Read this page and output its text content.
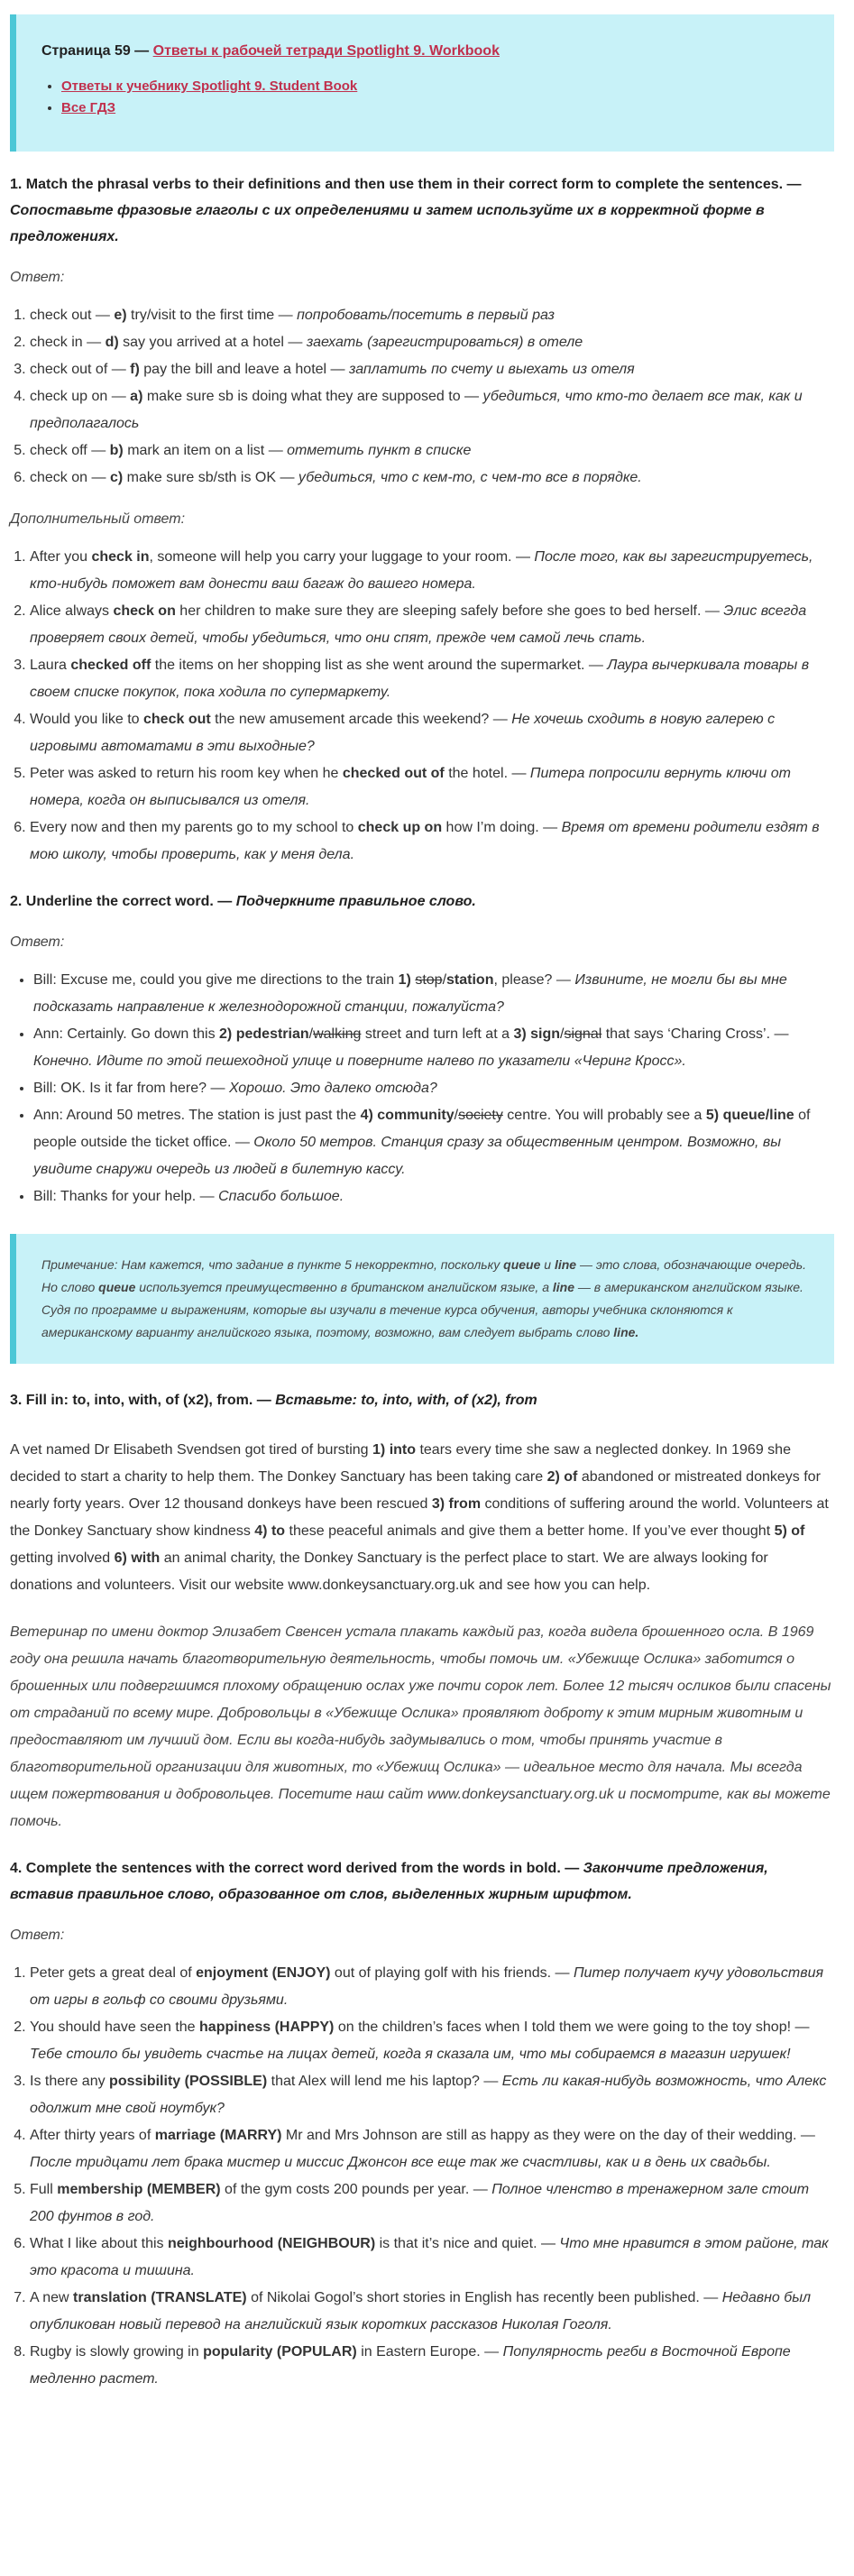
Страница 59 — Ответы к рабочей тетради Spotlight 9. Workbook
• Ответы к учебнику Spotlight 9. Student Book
• Все ГДЗ
1. Match the phrasal verbs to their definitions and then use them in their correct form to complete the sentences. — Сопоставьте фразовые глаголы с их определениями и затем используйте их в корректной форме в предложениях.
Ответ:
1. check out — e) try/visit to the first time — попробовать/посетить в первый раз
2. check in — d) say you arrived at a hotel — заехать (зарегистрироваться) в отеле
3. check out of — f) pay the bill and leave a hotel — заплатить по счету и выехать из отеля
4. check up on — a) make sure sb is doing what they are supposed to — убедиться, что кто-то делает все так, как и предполагалось
5. check off — b) mark an item on a list — отметить пункт в списке
6. check on — c) make sure sb/sth is OK — убедиться, что с кем-то, с чем-то все в порядке.
Дополнительный ответ:
1. After you check in, someone will help you carry your luggage to your room. — После того, как вы зарегистрируетесь, кто-нибудь поможет вам донести ваш багаж до вашего номера.
2. Alice always check on her children to make sure they are sleeping safely before she goes to bed herself. — Элис всегда проверяет своих детей, чтобы убедиться, что они спят, прежде чем самой лечь спать.
3. Laura checked off the items on her shopping list as she went around the supermarket. — Лаура вычеркивала товары в своем списке покупок, пока ходила по супермаркету.
4. Would you like to check out the new amusement arcade this weekend? — Не хочешь сходить в новую галерею с игровыми автоматами в эти выходные?
5. Peter was asked to return his room key when he checked out of the hotel. — Питера попросили вернуть ключи от номера, когда он выписывался из отеля.
6. Every now and then my parents go to my school to check up on how I’m doing. — Время от времени родители ездят в мою школу, чтобы проверить, как у меня дела.
2. Underline the correct word. — Подчеркните правильное слово.
Ответ:
• Bill: Excuse me, could you give me directions to the train 1) stop/station, please? — Извините, не могли бы вы мне подсказать направление к железнодорожной станции, пожалуйста?
• Ann: Certainly. Go down this 2) pedestrian/walking street and turn left at a 3) sign/signal that says ‘Charing Cross’. — Конечно. Идите по этой пешеходной улице и поверните налево по указатели «Черинг Кросс».
• Bill: OK. Is it far from here? — Хорошо. Это далеко отсюда?
• Ann: Around 50 metres. The station is just past the 4) community/society centre. You will probably see a 5) queue/line of people outside the ticket office. — Около 50 метров. Станция сразу за общественным центром. Возможно, вы увидите снаружи очередь из людей в билетную кассу.
• Bill: Thanks for your help. — Спасибо большое.
Примечание: Нам кажется, что задание в пункте 5 некорректно, поскольку queue и line — это слова, обозначающие очередь. Но слово queue используется преимущественно в британском английском языке, а line — в американском английском языке. Судя по программе и выражениям, которые вы изучали в течение курса обучения, авторы учебника склоняются к американскому варианту английского языка, поэтому, возможно, вам следует выбрать слово line.
3. Fill in: to, into, with, of (x2), from. — Вставьте: to, into, with, of (x2), from

A vet named Dr Elisabeth Svendsen got tired of bursting 1) into tears every time she saw a neglected donkey. In 1969 she decided to start a charity to help them. The Donkey Sanctuary has been taking care 2) of abandoned or mistreated donkeys for nearly forty years. Over 12 thousand donkeys have been rescued 3) from conditions of suffering around the world. Volunteers at the Donkey Sanctuary show kindness 4) to these peaceful animals and give them a better home. If you’ve ever thought 5) of getting involved 6) with an animal charity, the Donkey Sanctuary is the perfect place to start. We are always looking for donations and volunteers. Visit our website www.donkeysanctuary.org.uk and see how you can help.

Ветеринар по имени доктор Элизабет Свенсен устала плакать каждый раз, когда видела брошенного осла. В 1969 году она решила начать благотворительную деятельность, чтобы помочь им. «Убежище Ослика» заботится о брошенных или подвергшимся плохому обращению ослах уже почти сорок лет. Более 12 тысяч осликов были спасены от страданий по всему мире. Добровольцы в «Убежище Ослика» проявляют доброту к этим мирным животным и предоставляют им лучший дом. Если вы когда-нибудь задумывались о том, чтобы принять участие в благотворительной организации для животных, то «Убежищ Ослика» — идеальное место для начала. Мы всегда ищем пожертвования и добровольцев. Посетите наш сайт www.donkeysanctuary.org.uk и посмотрите, как вы можете помочь.

4. Complete the sentences with the correct word derived from the words in bold. — Закончите предложения, вставив правильное слово, образованное от слов, выделенных жирным шрифтом.
Ответ:
1. Peter gets a great deal of enjoyment (ENJOY) out of playing golf with his friends. — Питер получает кучу удовольствия от игры в гольф со своими друзьями.
2. You should have seen the happiness (HAPPY) on the children’s faces when I told them we were going to the toy shop! — Тебе стоило бы увидеть счастье на лицах детей, когда я сказала им, что мы собираемся в магазин игрушек!
3. Is there any possibility (POSSIBLE) that Alex will lend me his laptop? — Есть ли какая-нибудь возможность, что Алекс одолжит мне свой ноутбук?
4. After thirty years of marriage (MARRY) Mr and Mrs Johnson are still as happy as they were on the day of their wedding. — После тридцати лет брака мистер и миссис Джонсон все еще так же счастливы, как и в день их свадьбы.
5. Full membership (MEMBER) of the gym costs 200 pounds per year. — Полное членство в тренажерном зале стоит 200 фунтов в год.
6. What I like about this neighbourhood (NEIGHBOUR) is that it’s nice and quiet. — Что мне нравится в этом районе, так это красота и тишина.
7. A new translation (TRANSLATE) of Nikolai Gogol’s short stories in English has recently been published. — Недавно был опубликован новый перевод на английский язык коротких рассказов Николая Гоголя.
8. Rugby is slowly growing in popularity (POPULAR) in Eastern Europe. — Популярность регби в Восточной Европе медленно растет.
